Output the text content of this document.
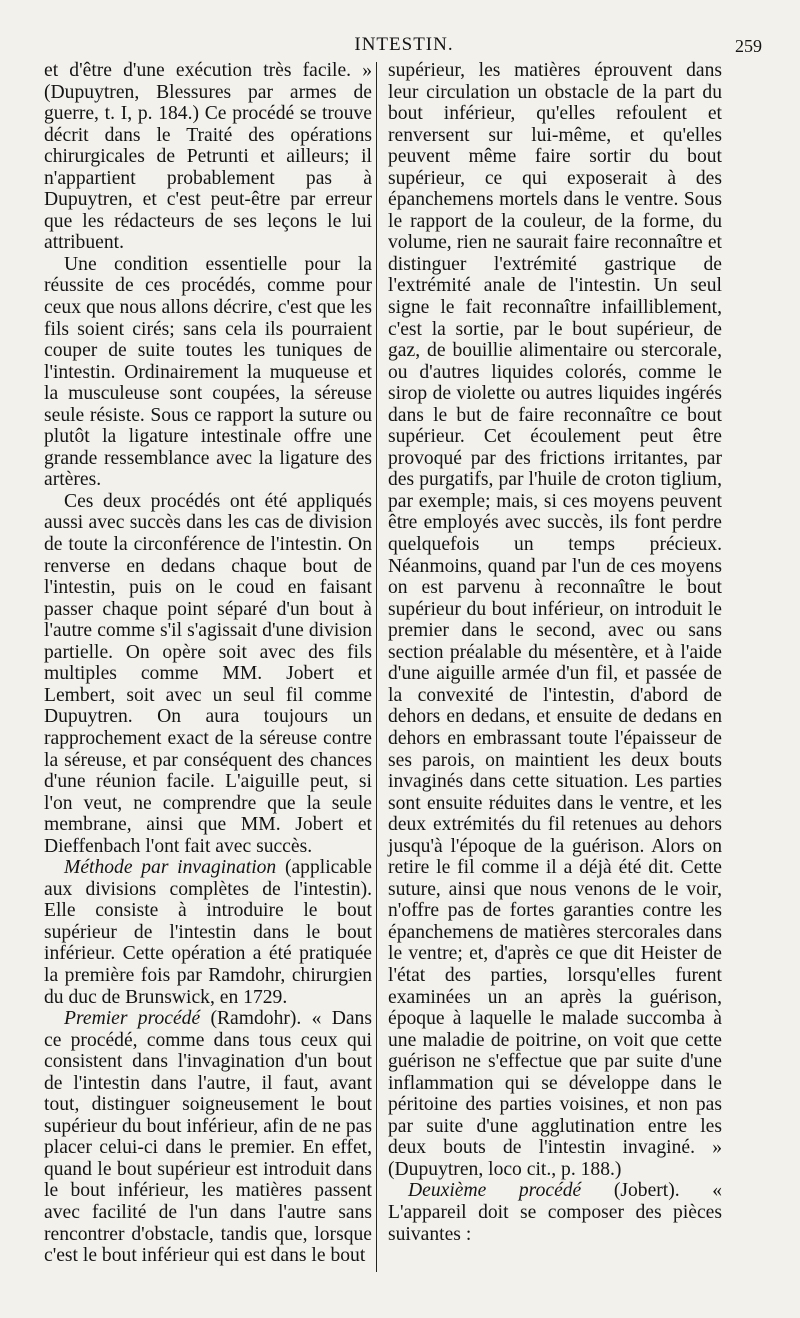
INTESTIN.	259

et d'être d'une exécution très facile. » (Dupuytren, Blessures par armes de guerre, t. I, p. 184.) Ce procédé se trouve décrit dans le Traité des opérations chirurgicales de Petrunti et ailleurs; il n'appartient probablement pas à Dupuytren, et c'est peut-être par erreur que les rédacteurs de ses leçons le lui attribuent.

Une condition essentielle pour la réussite de ces procédés, comme pour ceux que nous allons décrire, c'est que les fils soient cirés; sans cela ils pourraient couper de suite toutes les tuniques de l'intestin. Ordinairement la muqueuse et la musculeuse sont coupées, la séreuse seule résiste. Sous ce rapport la suture ou plutôt la ligature intestinale offre une grande ressemblance avec la ligature des artères.

Ces deux procédés ont été appliqués aussi avec succès dans les cas de division de toute la circonférence de l'intestin. On renverse en dedans chaque bout de l'intestin, puis on le coud en faisant passer chaque point séparé d'un bout à l'autre comme s'il s'agissait d'une division partielle. On opère soit avec des fils multiples comme MM. Jobert et Lembert, soit avec un seul fil comme Dupuytren. On aura toujours un rapprochement exact de la séreuse contre la séreuse, et par conséquent des chances d'une réunion facile. L'aiguille peut, si l'on veut, ne comprendre que la seule membrane, ainsi que MM. Jobert et Dieffenbach l'ont fait avec succès.

Méthode par invagination (applicable aux divisions complètes de l'intestin). Elle consiste à introduire le bout supérieur de l'intestin dans le bout inférieur. Cette opération a été pratiquée la première fois par Ramdohr, chirurgien du duc de Brunswick, en 1729.

Premier procédé (Ramdohr). « Dans ce procédé, comme dans tous ceux qui consistent dans l'invagination d'un bout de l'intestin dans l'autre, il faut, avant tout, distinguer soigneusement le bout supérieur du bout inférieur, afin de ne pas placer celui-ci dans le premier. En effet, quand le bout supérieur est introduit dans le bout inférieur, les matières passent avec facilité de l'un dans l'autre sans rencontrer d'obstacle, tandis que, lorsque c'est le bout inférieur qui est dans le bout

supérieur, les matières éprouvent dans leur circulation un obstacle de la part du bout inférieur, qu'elles refoulent et renversent sur lui-même, et qu'elles peuvent même faire sortir du bout supérieur, ce qui exposerait à des épanchemens mortels dans le ventre. Sous le rapport de la couleur, de la forme, du volume, rien ne saurait faire reconnaître et distinguer l'extrémité gastrique de l'extrémité anale de l'intestin. Un seul signe le fait reconnaître infailliblement, c'est la sortie, par le bout supérieur, de gaz, de bouillie alimentaire ou stercorale, ou d'autres liquides colorés, comme le sirop de violette ou autres liquides ingérés dans le but de faire reconnaître ce bout supérieur. Cet écoulement peut être provoqué par des frictions irritantes, par des purgatifs, par l'huile de croton tiglium, par exemple; mais, si ces moyens peuvent être employés avec succès, ils font perdre quelquefois un temps précieux. Néanmoins, quand par l'un de ces moyens on est parvenu à reconnaître le bout supérieur du bout inférieur, on introduit le premier dans le second, avec ou sans section préalable du mésentère, et à l'aide d'une aiguille armée d'un fil, et passée de la convexité de l'intestin, d'abord de dehors en dedans, et ensuite de dedans en dehors en embrassant toute l'épaisseur de ses parois, on maintient les deux bouts invaginés dans cette situation. Les parties sont ensuite réduites dans le ventre, et les deux extrémités du fil retenues au dehors jusqu'à l'époque de la guérison. Alors on retire le fil comme il a déjà été dit. Cette suture, ainsi que nous venons de le voir, n'offre pas de fortes garanties contre les épanchemens de matières stercorales dans le ventre; et, d'après ce que dit Heister de l'état des parties, lorsqu'elles furent examinées un an après la guérison, époque à laquelle le malade succomba à une maladie de poitrine, on voit que cette guérison ne s'effectue que par suite d'une inflammation qui se développe dans le péritoine des parties voisines, et non pas par suite d'une agglutination entre les deux bouts de l'intestin invaginé. » (Dupuytren, loco cit., p. 188.)

Deuxième procédé (Jobert). « L'appareil doit se composer des pièces suivantes :
